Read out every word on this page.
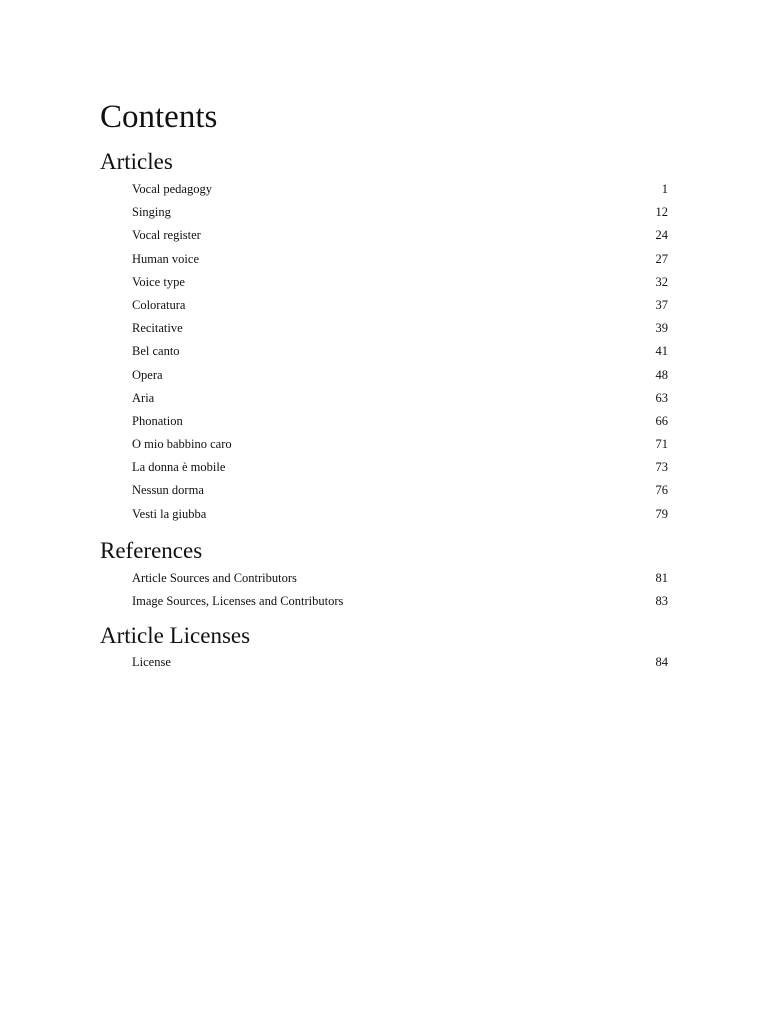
Contents
Articles
Vocal pedagogy	1
Singing	12
Vocal register	24
Human voice	27
Voice type	32
Coloratura	37
Recitative	39
Bel canto	41
Opera	48
Aria	63
Phonation	66
O mio babbino caro	71
La donna è mobile	73
Nessun dorma	76
Vesti la giubba	79
References
Article Sources and Contributors	81
Image Sources, Licenses and Contributors	83
Article Licenses
License	84
